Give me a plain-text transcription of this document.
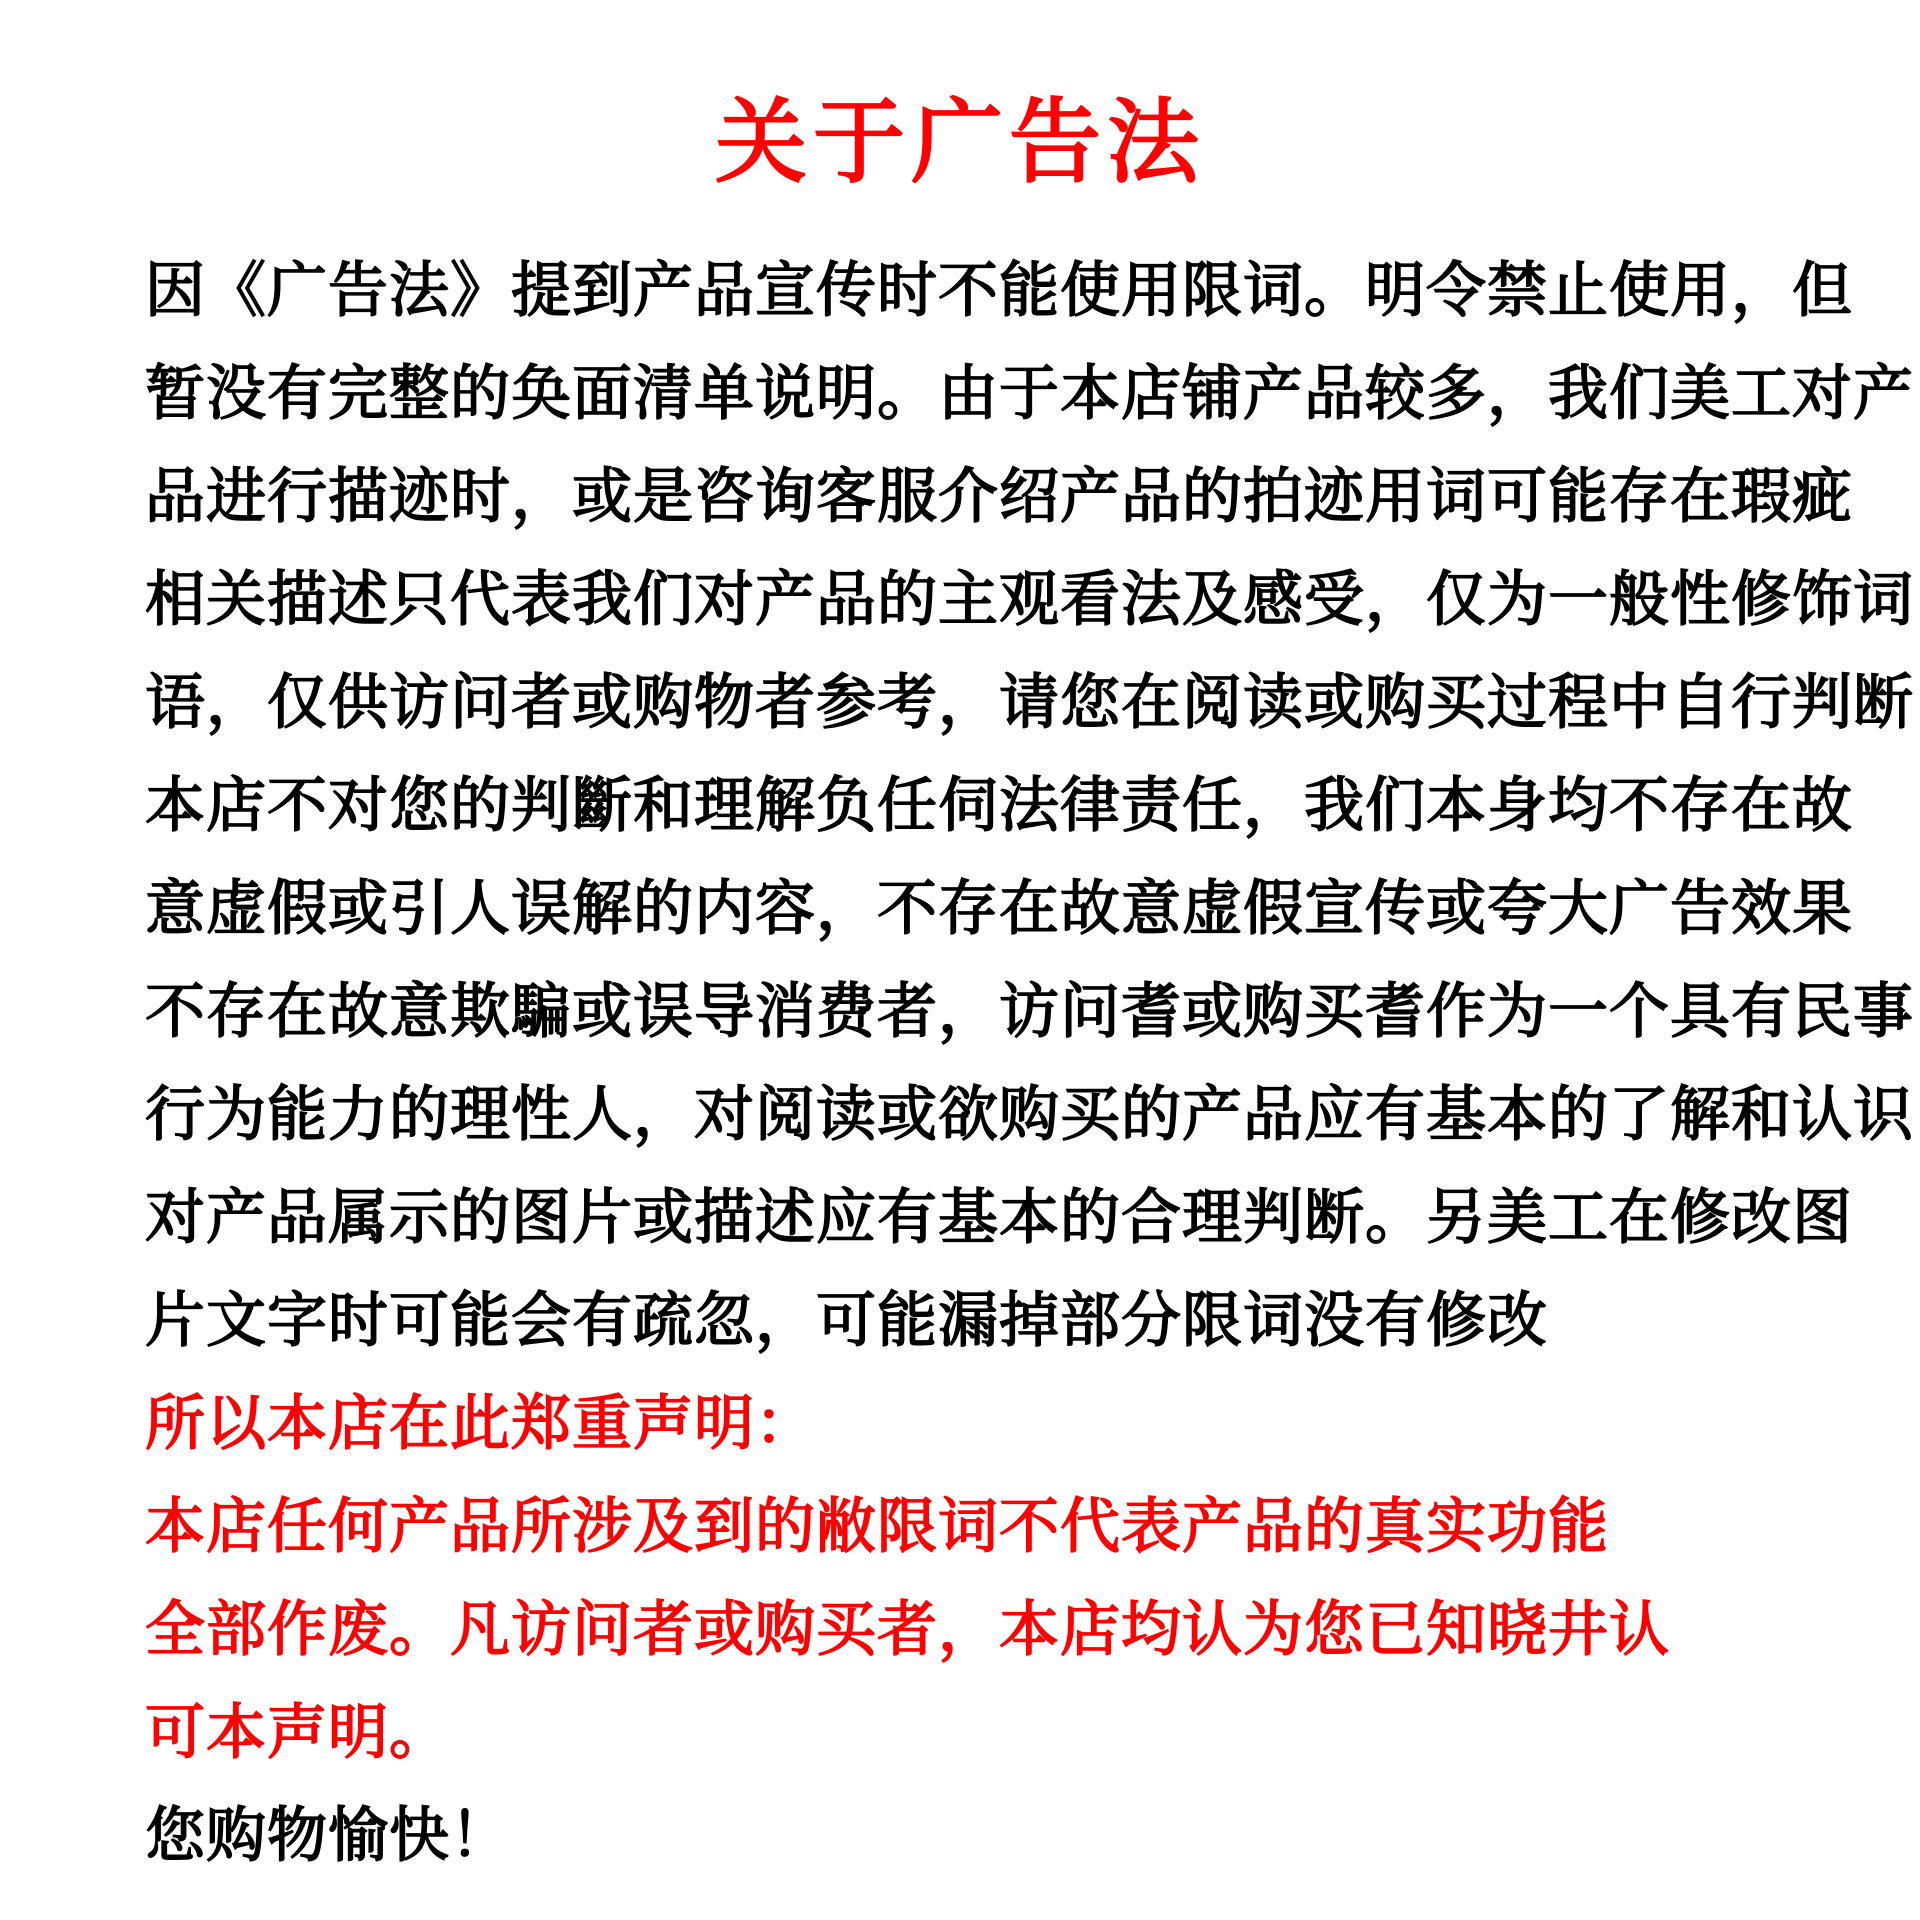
关于广告法
因《广告法》提到产品宣传时不能使用限词。明令禁止使用，但
暂没有完整的奂面清单说明。由于本店铺产品较多，我们美工对产
品进行描迹时，或是咨询客服介绍产品的拍迹用词可能存在瑕疵
相关描述只代表我们对产品的主观看法及感受，仅为一般性修饰词
语，仅供访问者或购物者参考，请您在阅读或购买过程中自行判断
本店不对您的判斷和理解负任伺法律责任，我们本身均不存在故
意虚假或引人误解的内容，不存在故意虚假宣传或夸大广告效果
不存在故意欺騙或误导消费者，访问耆或购买耆作为一个具有民事
行为能力的理性人，对阅读或欲购买的产品应有基本的了解和认识
对产品属示的图片或描述应有基本的合理判断。另美工在修改图
片文字时可能会有疏忽，可能漏掉部分限词没有修改
所以本店在此郑重声明：
本店任何产品所涉及到的敝限词不代表产品的真实功能
全部作废。凡访问者或购买者，本店均认为您已知晓井认
可本声明。
您购物愉快！
